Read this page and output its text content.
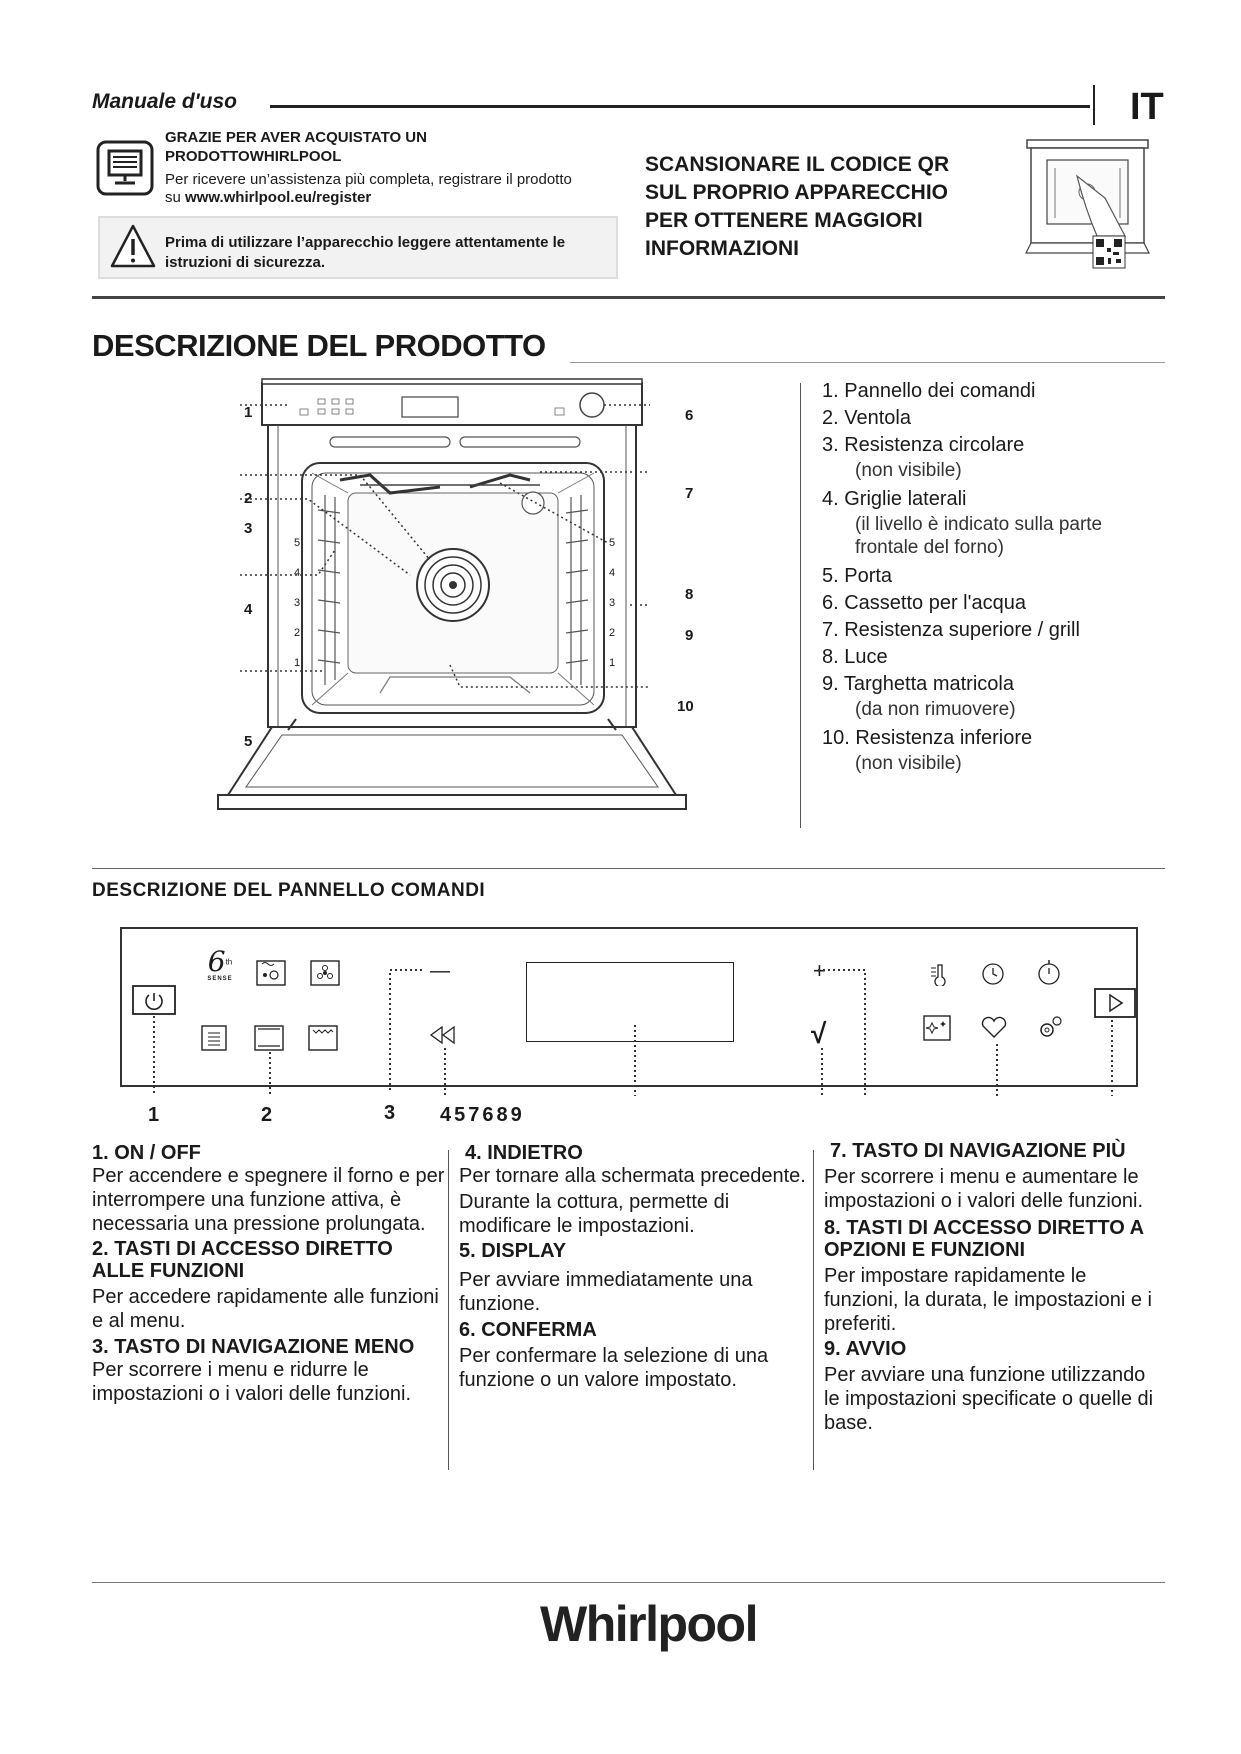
Manuale d'uso	IT
GRAZIE PER AVER ACQUISTATO UN PRODOTTOWHIRLPOOL
Per ricevere un’assistenza più completa, registrare il prodotto su www.whirlpool.eu/register
Prima di utilizzare l’apparecchio leggere attentamente le istruzioni di sicurezza.
SCANSIONARE IL CODICE QR SUL PROPRIO APPARECCHIO PER OTTENERE MAGGIORI INFORMAZIONI
DESCRIZIONE DEL PRODOTTO
5
4
3
2
1
5
4
3
2
1
1
2
3
4
5
6
7
8
9
10
1. Pannello dei comandi
2. Ventola
3. Resistenza circolare
(non visibile)
4. Griglie laterali
(il livello è indicato sulla parte frontale del forno)
5. Porta
6. Cassetto per l'acqua
7. Resistenza superiore / grill
8. Luce
9. Targhetta matricola
(da non rimuovere)
10. Resistenza inferiore
(non visibile)
DESCRIZIONE DEL PANNELLO COMANDI
6th
SENSE	—	+
√
1	2	3 457689
1. ON / OFF

Per accendere e spegnere il forno e per interrompere una funzione attiva, è necessaria una pressione prolungata.

2. TASTI DI ACCESSO DIRETTO ALLE FUNZIONI

Per accedere rapidamente alle funzioni e al menu.

3. TASTO DI NAVIGAZIONE MENO

Per scorrere i menu e ridurre le impostazioni o i valori delle funzioni.

4. INDIETRO

Per tornare alla schermata precedente.

Durante la cottura, permette di modificare le impostazioni.

5. DISPLAY

Per avviare immediatamente una funzione.

6. CONFERMA

Per confermare la selezione di una funzione o un valore impostato.

7. TASTO DI NAVIGAZIONE PIÙ

Per scorrere i menu e aumentare le impostazioni o i valori delle funzioni.

8. TASTI DI ACCESSO DIRETTO A OPZIONI E FUNZIONI

Per impostare rapidamente le funzioni, la durata, le impostazioni e i preferiti.

9. AVVIO

Per avviare una funzione utilizzando le impostazioni specificate o quelle di base.

Whirlpool
